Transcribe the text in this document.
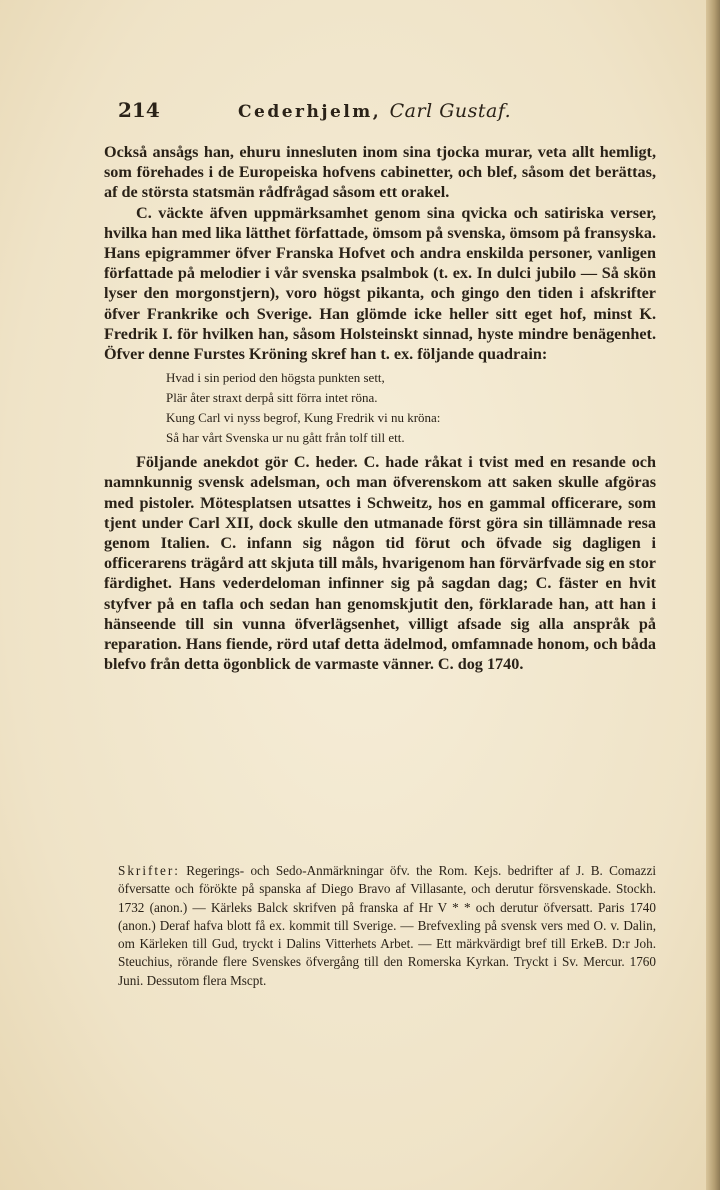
214	Cederhjelm, Carl Gustaf.

Också ansågs han, ehuru innesluten inom sina tjocka murar, veta allt hemligt, som förehades i de Europeiska hofvens cabinetter, och blef, såsom det berättas, af de största statsmän rådfrågad såsom ett orakel.

C. väckte äfven uppmärksamhet genom sina qvicka och satiriska verser, hvilka han med lika lätthet författade, ömsom på svenska, ömsom på fransyska. Hans epigrammer öfver Franska Hofvet och andra enskilda personer, vanligen författade på melodier i vår svenska psalmbok (t. ex. In dulci jubilo — Så skön lyser den morgonstjern), voro högst pikanta, och gingo den tiden i afskrifter öfver Frankrike och Sverige. Han glömde icke heller sitt eget hof, minst K. Fredrik I. för hvilken han, såsom Holsteinskt sinnad, hyste mindre benägenhet. Öfver denne Furstes Kröning skref han t. ex. följande quadrain:

Hvad i sin period den högsta punkten sett,
Plär åter straxt derpå sitt förra intet röna.
Kung Carl vi nyss begrof, Kung Fredrik vi nu kröna:
Så har vårt Svenska ur nu gått från tolf till ett.

Följande anekdot gör C. heder. C. hade råkat i tvist med en resande och namnkunnig svensk adelsman, och man öfverenskom att saken skulle afgöras med pistoler. Mötesplatsen utsattes i Schweitz, hos en gammal officerare, som tjent under Carl XII, dock skulle den utmanade först göra sin tillämnade resa genom Italien. C. infann sig någon tid förut och öfvade sig dagligen i officerarens trägård att skjuta till måls, hvarigenom han förvärfvade sig en stor färdighet. Hans vederdeloman infinner sig på sagdan dag; C. fäster en hvit styfver på en tafla och sedan han genomskjutit den, förklarade han, att han i hänseende till sin vunna öfverlägsenhet, villigt afsade sig alla anspråk på reparation. Hans fiende, rörd utaf detta ädelmod, omfamnade honom, och båda blefvo från detta ögonblick de varmaste vänner. C. dog 1740.

Skrifter: Regerings- och Sedo-Anmärkningar öfv. the Rom. Kejs. bedrifter af J. B. Comazzi öfversatte och förökte på spanska af Diego Bravo af Villasante, och derutur försvenskade. Stockh. 1732 (anon.) — Kärleks Balck skrifven på franska af Hr V * * och derutur öfversatt. Paris 1740 (anon.) Deraf hafva blott få ex. kommit till Sverige. — Brefvexling på svensk vers med O. v. Dalin, om Kärleken till Gud, tryckt i Dalins Vitterhets Arbet. — Ett märkvärdigt bref till ErkeB. D:r Joh. Steuchius, rörande flere Svenskes öfvergång till den Romerska Kyrkan. Tryckt i Sv. Mercur. 1760 Juni. Dessutom flera Mscpt.
